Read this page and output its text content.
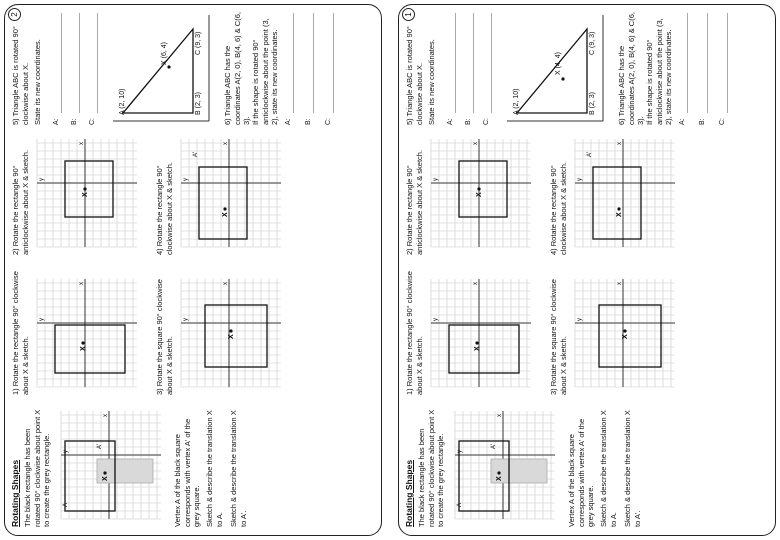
2
Rotating Shapes The black rectangle has been rotated 90° clockwise about point X to create the grey rectangle.
x
y
X
A
A'	Vertex A of the black square corresponds with vertex A' of the grey square. Sketch & describe the translation X to A. Sketch & describe the translation X to A'.
1) Rotate the rectangle 90° clockwise about X & sketch.
x
y
X	3) Rotate the square 90° clockwise about X & sketch.
x
y
X
2) Rotate the rectangle 90° anticlockwise about X & sketch.
x
y
X	4) Rotate the rectangle 90° clockwise about X & sketch.
x
y
X
A'
5) Triangle ABC is rotated 90° clockwise about X. State its new coordinates. A: B: C:
A (2, 10)	B (2, 3)
C (9, 3)
X (6, 4)	6) Triangle ABC has the coordinates A(2, 0), B(4, 6) & C(6, 3). If the shape is rotated 90° anticlockwise about the point (3, 2), state its new coordinates. A: B: C:
1
Rotating Shapes The black rectangle has been rotated 90° clockwise about point X to create the grey rectangle.
x
y
X
A
A'	Vertex A of the black square corresponds with vertex A' of the grey square. Sketch & describe the translation X to A. Sketch & describe the translation X to A'.
1) Rotate the rectangle 90° clockwise about X & sketch.
x
y
X	3) Rotate the square 90° clockwise about X & sketch.
x
y
X
2) Rotate the rectangle 90° anticlockwise about X & sketch.
x
y
X	4) Rotate the rectangle 90° clockwise about X & sketch.
x
y
X
A'
5) Triangle ABC is rotated 90° clockwise about X. State its new coordinates. A: B: C:
A (2, 10)	B (2, 3)
C (9, 3)
X (4, 4)	6) Triangle ABC has the coordinates A(2, 0), B(4, 6) & C(6, 3). If the shape is rotated 90° anticlockwise about the point (3, 2), state its new coordinates. A: B: C:
